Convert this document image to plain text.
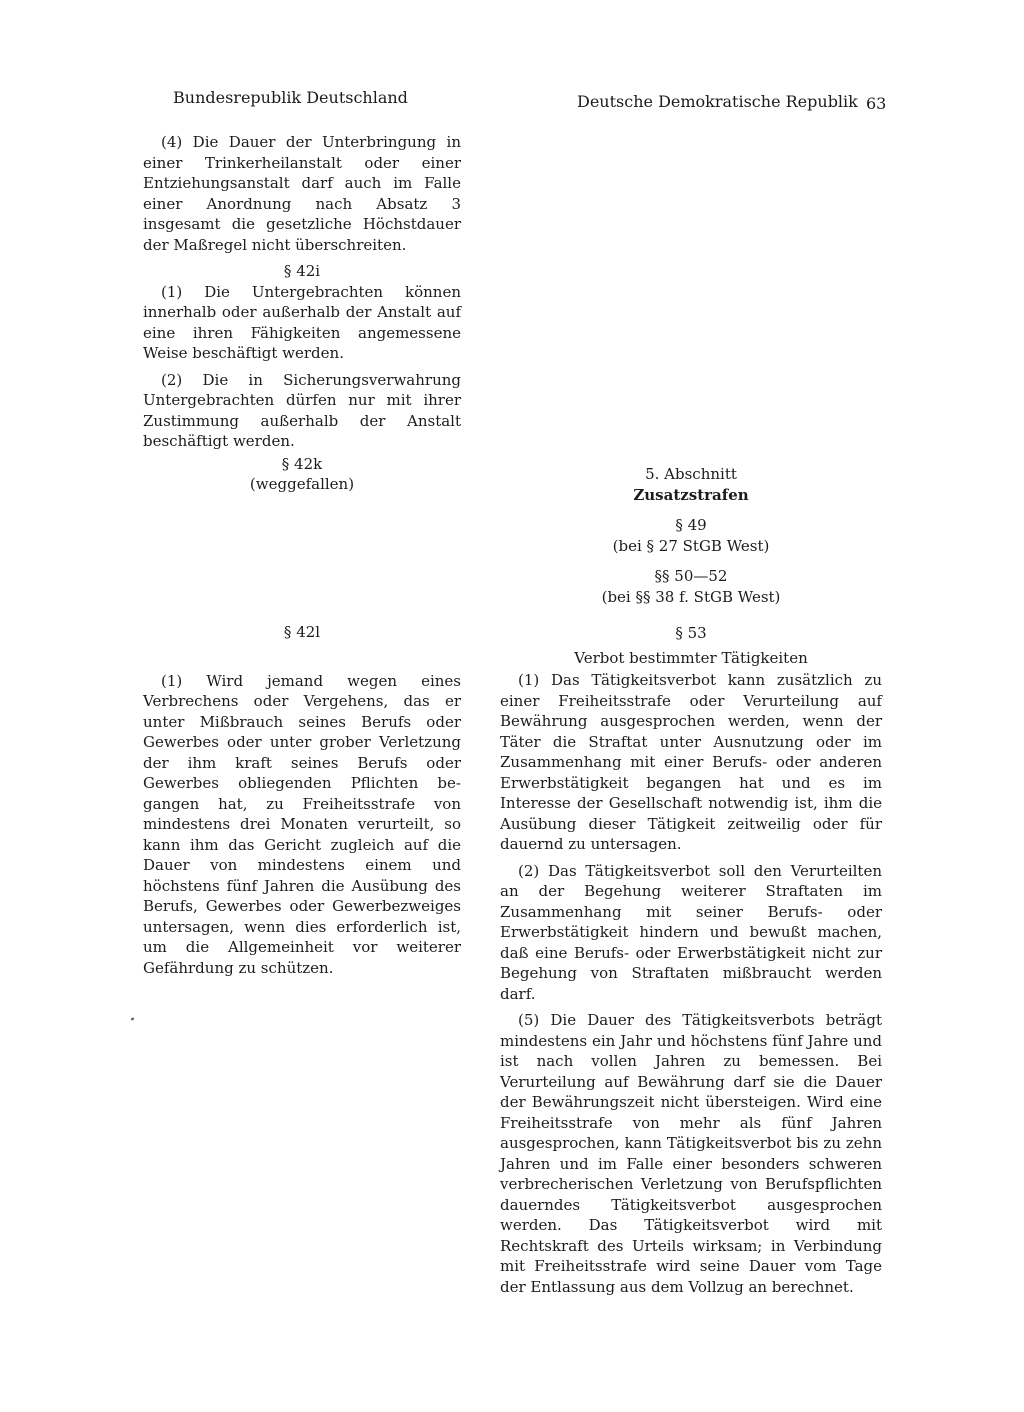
Bundesrepublik Deutschland	Deutsche Demokratische Republik 63

(4) Die Dauer der Unterbringung in einer Trinkerheilanstalt oder einer Entziehungsanstalt darf auch im Falle einer Anordnung nach Absatz 3 insgesamt die gesetzliche Höchstdauer der Maßregel nicht überschreiten.

§ 42i

(1) Die Untergebrachten können innerhalb oder außerhalb der Anstalt auf eine ihren Fähigkeiten angemessene Weise beschäftigt werden.

(2) Die in Sicherungsverwahrung Untergebrachten dürfen nur mit ihrer Zustimmung außerhalb der Anstalt beschäftigt werden.

§ 42k
(weggefallen)
§ 42l

(1) Wird jemand wegen eines Verbrechens oder Vergehens, das er unter Mißbrauch seines Berufs oder Gewerbes oder unter grober Verletzung der ihm kraft seines Berufs oder Gewerbes obliegenden Pflichten begangen hat, zu Freiheitsstrafe von mindestens drei Monaten verurteilt, so kann ihm das Gericht zugleich auf die Dauer von mindestens einem und höchstens fünf Jahren die Ausübung des Berufs, Gewerbes oder Gewerbezweiges untersagen, wenn dies erforderlich ist, um die Allgemeinheit vor weiterer Gefährdung zu schützen.

5. Abschnitt
Zusatzstrafen
§ 49
(bei § 27 StGB West)
§§ 50—52
(bei §§ 38 f. StGB West)
§ 53
Verbot bestimmter Tätigkeiten

(1) Das Tätigkeitsverbot kann zusätzlich zu einer Freiheitsstrafe oder Verurteilung auf Bewährung ausgesprochen werden, wenn der Täter die Straftat unter Ausnutzung oder im Zusammenhang mit einer Berufs- oder anderen Erwerbstätigkeit begangen hat und es im Interesse der Gesellschaft notwendig ist, ihm die Ausübung dieser Tätigkeit zeitweilig oder für dauernd zu untersagen.

(2) Das Tätigkeitsverbot soll den Verurteilten an der Begehung weiterer Straftaten im Zusammenhang mit seiner Berufs- oder Erwerbstätigkeit hindern und bewußt machen, daß eine Berufs- oder Erwerbstätigkeit nicht zur Begehung von Straftaten mißbraucht werden darf.

(5) Die Dauer des Tätigkeitsverbots beträgt mindestens ein Jahr und höchstens fünf Jahre und ist nach vollen Jahren zu bemessen. Bei Verurteilung auf Bewährung darf sie die Dauer der Bewährungszeit nicht übersteigen. Wird eine Freiheitsstrafe von mehr als fünf Jahren ausgesprochen, kann Tätigkeitsverbot bis zu zehn Jahren und im Falle einer besonders schweren verbrecherischen Verletzung von Berufspflichten dauerndes Tätigkeitsverbot ausgesprochen werden. Das Tätigkeitsverbot wird mit Rechtskraft des Urteils wirksam; in Verbindung mit Freiheitsstrafe wird seine Dauer vom Tage der Entlassung aus dem Vollzug an berechnet.
